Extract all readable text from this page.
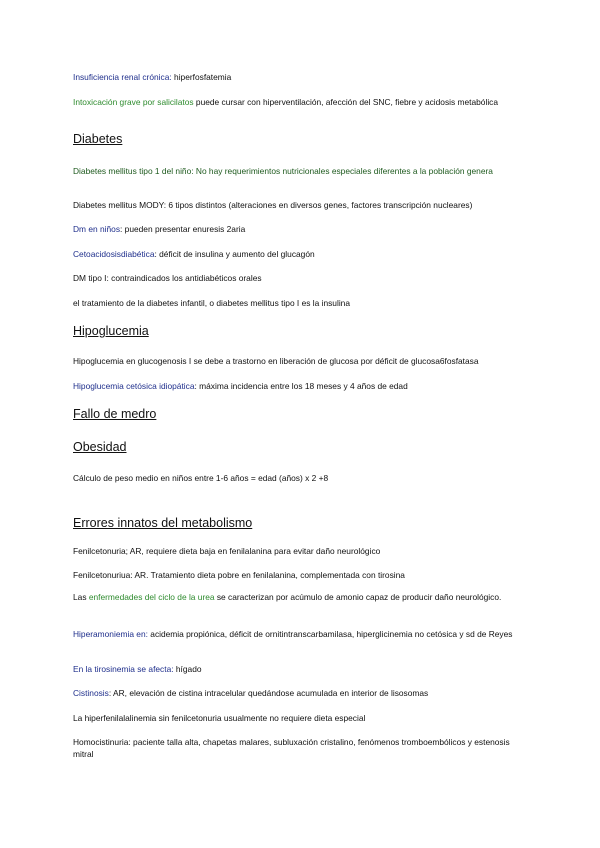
Insuficiencia renal crónica: hiperfosfatemia
Intoxicación grave por salicilatos puede cursar con hiperventilación, afección del SNC, fiebre y acidosis metabólica
Diabetes
Diabetes mellitus tipo 1 del niño: No hay requerimientos nutricionales especiales diferentes a la población genera
Diabetes mellitus MODY: 6 tipos distintos (alteraciones en diversos genes, factores transcripción nucleares)
Dm en niños: pueden presentar enuresis 2aria
Cetoacidosisdiabética: déficit de insulina y aumento del glucagón
DM tipo I: contraindicados los antidiabéticos orales
el tratamiento de la diabetes infantil, o diabetes mellitus tipo I es la insulina
Hipoglucemia
Hipoglucemia en glucogenosis I se debe a trastorno en liberación de glucosa por déficit de glucosa6fosfatasa
Hipoglucemia cetósica idiopática: máxima incidencia entre los 18 meses y 4 años de edad
Fallo de medro
Obesidad
Cálculo de peso medio en niños entre 1-6 años = edad (años) x 2 +8
Errores innatos del metabolismo
Fenilcetonuria; AR, requiere dieta baja en fenilalanina para evitar daño neurológico
Fenilcetonuriua: AR. Tratamiento dieta pobre en fenilalanina, complementada con tirosina
Las enfermedades del ciclo de la urea se caracterizan por acúmulo de amonio capaz de producir daño neurológico.
Hiperamoniemia en: acidemia propiónica, déficit de ornitintranscarbamilasa, hiperglicinemia no cetósica y sd de Reyes
En la tirosinemia se afecta: hígado
Cistinosis: AR, elevación de cistina intracelular quedándose acumulada en interior de lisosomas
La hiperfenilalalinemia sin fenilcetonuria usualmente no requiere dieta especial
Homocistinuria: paciente talla alta, chapetas malares, subluxación cristalino, fenómenos tromboembólicos y estenosis mitral
